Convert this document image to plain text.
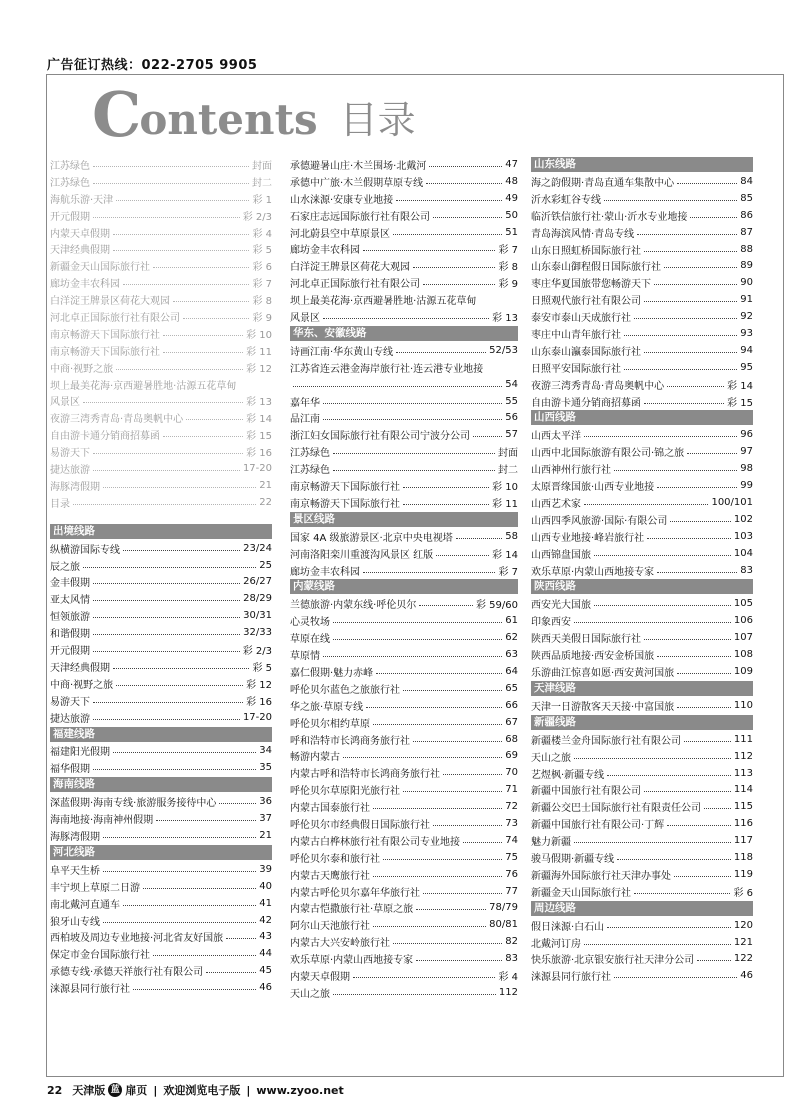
广告征订热线：022-2705 9905
C
ontents 目录
江苏绿色	封面
江苏绿色	封二
海航乐游·天津	彩 1
开元假期	彩 2/3
内蒙天卓假期	彩 4
天津经典假期	彩 5
新疆金天山国际旅行社	彩 6
廊坊金丰农科园	彩 7
白洋淀王牌景区荷花大观园	彩 8
河北卓正国际旅行社有限公司	彩 9
南京畅游天下国际旅行社	彩 10
南京畅游天下国际旅行社	彩 11
中商·视野之旅	彩 12
坝上最美花海·京西避暑胜地·沽源五花草甸
风景区	彩 13
夜游三湾秀青岛·青岛奥帆中心	彩 14
自由游卡通分销商招募函	彩 15
易游天下	彩 16
捷达旅游	17-20
海豚湾假期	21
目录	22
出境线路
纵横游国际专线	23/24
辰之旅	25
金丰假期	26/27
亚太风情	28/29
恒领旅游	30/31
和谐假期	32/33
开元假期	彩 2/3
天津经典假期	彩 5
中商·视野之旅	彩 12
易游天下	彩 16
捷达旅游	17-20
福建线路
福建阳光假期	34
福华假期	35
海南线路
深蓝假期·海南专线·旅游服务接待中心	36
海南地接·海南神州假期	37
海豚湾假期	21
河北线路
阜平天生桥	39
丰宁坝上草原二日游	40
南北戴河直通车	41
狼牙山专线	42
西柏坡及周边专业地接·河北省友好国旅	43
保定市金台国际旅行社	44
承德专线·承德天祥旅行社有限公司	45
涞源县同行旅行社	46
承德避暑山庄·木兰围场·北戴河	47
承德中广旅·木兰假期草原专线	48
山水涞源·安康专业地接	49
石家庄志远国际旅行社有限公司	50
河北蔚县空中草原景区	51
廊坊金丰农科园	彩 7
白洋淀王牌景区荷花大观园	彩 8
河北卓正国际旅行社有限公司	彩 9
坝上最美花海·京西避暑胜地·沽源五花草甸
风景区	彩 13
华东、安徽线路
诗画江南·华东黄山专线	52/53
江苏省连云港金海岸旅行社·连云港专业地接
54
嘉年华	55
品江南	56
浙江妇女国际旅行社有限公司宁波分公司	57
江苏绿色	封面
江苏绿色	封二
南京畅游天下国际旅行社	彩 10
南京畅游天下国际旅行社	彩 11
景区线路
国家 4A 级旅游景区·北京中央电视塔	58
河南洛阳栾川重渡沟风景区 红版	彩 14
廊坊金丰农科园	彩 7
内蒙线路
兰德旅游·内蒙东线·呼伦贝尔	彩 59/60
心灵牧场	61
草原在线	62
草原情	63
嘉仁假期·魅力赤峰	64
呼伦贝尔蓝色之旅旅行社	65
华之旅·草原专线	66
呼伦贝尔相约草原	67
呼和浩特市长鸿商务旅行社	68
畅游内蒙古	69
内蒙古呼和浩特市长鸿商务旅行社	70
呼伦贝尔草原阳光旅行社	71
内蒙古国泰旅行社	72
呼伦贝尔市经典假日国际旅行社	73
内蒙古白桦林旅行社有限公司专业地接	74
呼伦贝尔泰和旅行社	75
内蒙古天鹰旅行社	76
内蒙古呼伦贝尔嘉年华旅行社	77
内蒙古恺撒旅行社·草原之旅	78/79
阿尔山天池旅行社	80/81
内蒙古大兴安岭旅行社	82
欢乐草原·内蒙山西地接专家	83
内蒙天卓假期	彩 4
天山之旅	112
山东线路
海之韵假期·青岛直通车集散中心	84
沂水彩虹谷专线	85
临沂铁信旅行社·蒙山·沂水专业地接	86
青岛海滨风情·青岛专线	87
山东日照虹桥国际旅行社	88
山东泰山御程假日国际旅行社	89
枣庄华夏国旅带您畅游天下	90
日照观代旅行社有限公司	91
泰安市泰山天成旅行社	92
枣庄中山青年旅行社	93
山东泰山瀛泰国际旅行社	94
日照平安国际旅行社	95
夜游三湾秀青岛·青岛奥帆中心	彩 14
自由游卡通分销商招募函	彩 15
山西线路
山西太平洋	96
山西中北国际旅游有限公司·锦之旅	97
山西神州行旅行社	98
太原晋缘国旅·山西专业地接	99
山西艺术家	100/101
山西四季风旅游·国际·有限公司	102
山西专业地接·峰岩旅行社	103
山西锦盘国旅	104
欢乐草原·内蒙山西地接专家	83
陕西线路
西安光大国旅	105
印象西安	106
陕西天美假日国际旅行社	107
陕西品质地接·西安金桥国旅	108
乐游曲江惊喜如愿·西安黄河国旅	109
天津线路
天津一日游散客天天接·中富国旅	110
新疆线路
新疆楼兰金舟国际旅行社有限公司	111
天山之旅	112
艺煜枫·新疆专线	113
新疆中国旅行社有限公司	114
新疆公交巴士国际旅行社有限责任公司	115
新疆中国旅行社有限公司·丁辉	116
魅力新疆	117
骏马假期·新疆专线	118
新疆海外国际旅行社天津办事处	119
新疆金天山国际旅行社	彩 6
周边线路
假日涞源·白石山	120
北戴河订房	121
快乐旅游·北京银安旅行社天津分公司	122
涞源县同行旅行社	46
22 天津版 蓝 扉页 | 欢迎浏览电子版 | www.zyoo.net
